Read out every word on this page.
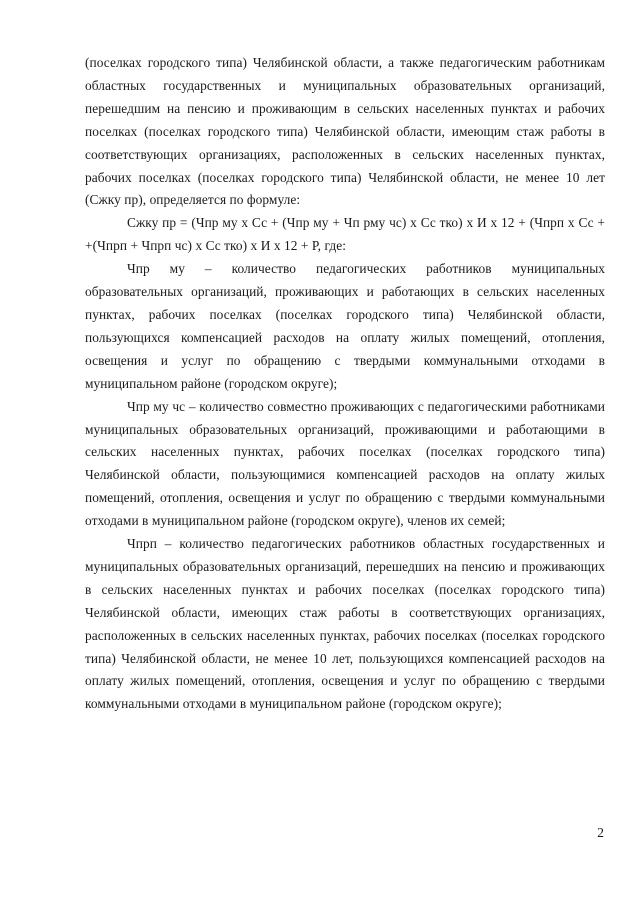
(поселках городского типа) Челябинской области, а также педагогическим работникам областных государственных и муниципальных образовательных организаций, перешедшим на пенсию и проживающим в сельских населенных пунктах и рабочих поселках (поселках городского типа) Челябинской области, имеющим стаж работы в соответствующих организациях, расположенных в сельских населенных пунктах, рабочих поселках (поселках городского типа) Челябинской области, не менее 10 лет (Сжку пр), определяется по формуле:

Сжку пр = (Чпр му х Сс + (Чпр му + Чп рму чс) х Сс тко) х И х 12 + (Чпрп х Сс + +(Чпрп + Чпрп чс) х Сс тко) х И х 12 + Р, где:

Чпр му – количество педагогических работников муниципальных образовательных организаций, проживающих и работающих в сельских населенных пунктах, рабочих поселках (поселках городского типа) Челябинской области, пользующихся компенсацией расходов на оплату жилых помещений, отопления, освещения и услуг по обращению с твердыми коммунальными отходами в муниципальном районе (городском округе);

Чпр му чс – количество совместно проживающих с педагогическими работниками муниципальных образовательных организаций, проживающими и работающими в сельских населенных пунктах, рабочих поселках (поселках городского типа) Челябинской области, пользующимися компенсацией расходов на оплату жилых помещений, отопления, освещения и услуг по обращению с твердыми коммунальными отходами в муниципальном районе (городском округе), членов их семей;

Чпрп – количество педагогических работников областных государственных и муниципальных образовательных организаций, перешедших на пенсию и проживающих в сельских населенных пунктах и рабочих поселках (поселках городского типа) Челябинской области, имеющих стаж работы в соответствующих организациях, расположенных в сельских населенных пунктах, рабочих поселках (поселках городского типа) Челябинской области, не менее 10 лет, пользующихся компенсацией расходов на оплату жилых помещений, отопления, освещения и услуг по обращению с твердыми коммунальными отходами в муниципальном районе (городском округе);

2
